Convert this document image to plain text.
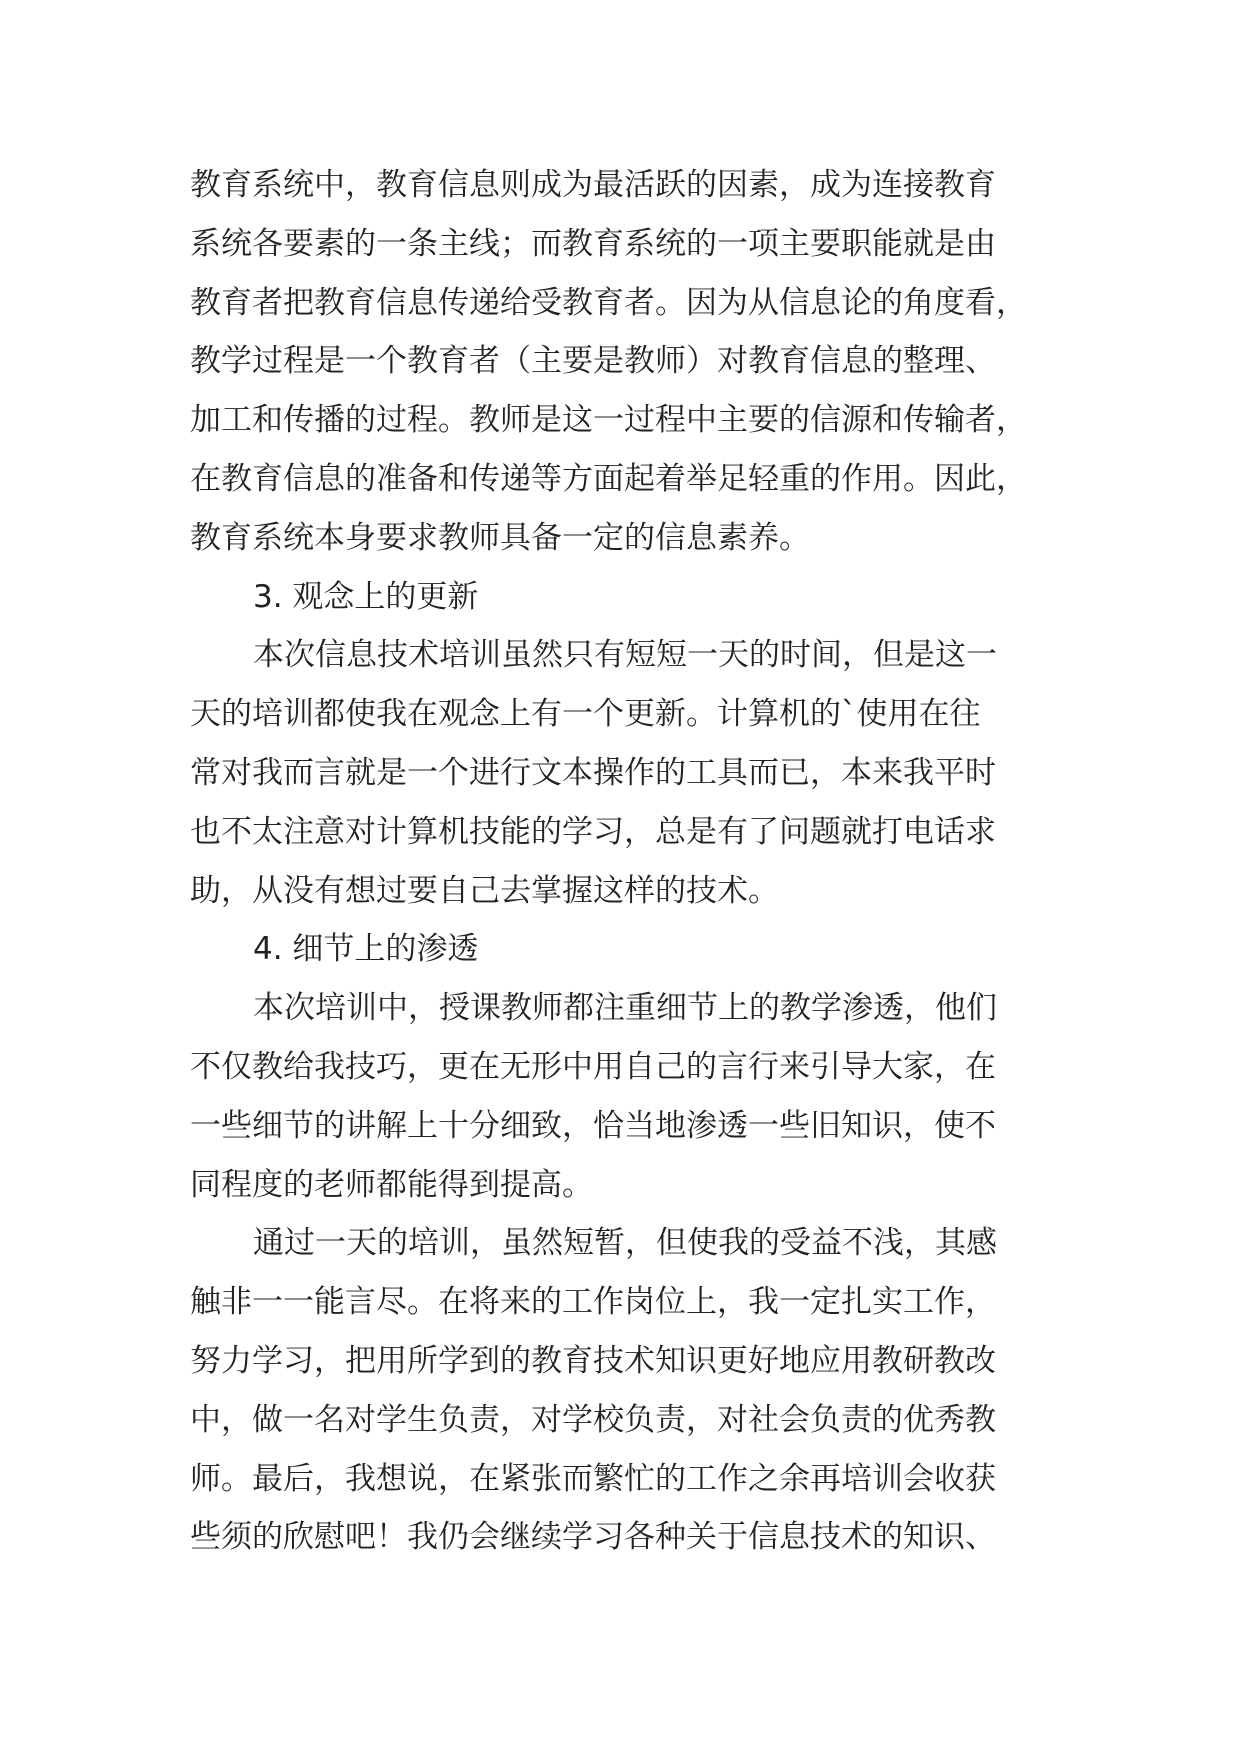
教育系统中，教育信息则成为最活跃的因素，成为连接教育
系统各要素的一条主线；而教育系统的一项主要职能就是由
教育者把教育信息传递给受教育者。因为从信息论的角度看，
教学过程是一个教育者（主要是教师）对教育信息的整理、
加工和传播的过程。教师是这一过程中主要的信源和传输者，
在教育信息的准备和传递等方面起着举足轻重的作用。因此，
教育系统本身要求教师具备一定的信息素养。
3. 观念上的更新
本次信息技术培训虽然只有短短一天的时间，但是这一
天的培训都使我在观念上有一个更新。计算机的`使用在往
常对我而言就是一个进行文本操作的工具而已，本来我平时
也不太注意对计算机技能的学习，总是有了问题就打电话求
助，从没有想过要自己去掌握这样的技术。
4. 细节上的渗透
本次培训中，授课教师都注重细节上的教学渗透，他们
不仅教给我技巧，更在无形中用自己的言行来引导大家，在
一些细节的讲解上十分细致，恰当地渗透一些旧知识，使不
同程度的老师都能得到提高。
通过一天的培训，虽然短暂，但使我的受益不浅，其感
触非一一能言尽。在将来的工作岗位上，我一定扎实工作，
努力学习，把用所学到的教育技术知识更好地应用教研教改
中，做一名对学生负责，对学校负责，对社会负责的优秀教
师。最后，我想说，在紧张而繁忙的工作之余再培训会收获
些须的欣慰吧！我仍会继续学习各种关于信息技术的知识、
